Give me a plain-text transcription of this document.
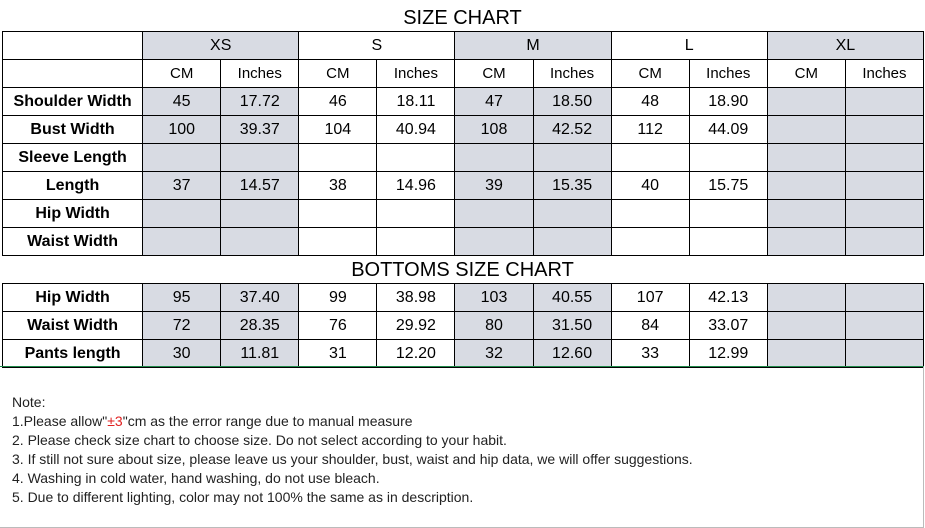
SIZE CHART
	XS		S		M		L		XL	
	CM	Inches	CM	Inches	CM	Inches	CM	Inches	CM	Inches
Shoulder Width	45	17.72	46	18.11	47	18.50	48	18.90		
Bust Width	100	39.37	104	40.94	108	42.52	112	44.09		
Sleeve Length										
Length	37	14.57	38	14.96	39	15.35	40	15.75		
Hip Width										
Waist Width										
BOTTOMS SIZE CHART
Hip Width	95	37.40	99	38.98	103	40.55	107	42.13		
Waist Width	72	28.35	76	29.92	80	31.50	84	33.07		
Pants length	30	11.81	31	12.20	32	12.60	33	12.99		
Note:
1.Please allow"±3"cm as the error range due to manual measure
2. Please check size chart to choose size. Do not select according to your habit.
3. If still not sure about size, please leave us your shoulder, bust, waist and hip data, we will offer suggestions.
4. Washing in cold water, hand washing, do not use bleach.
5. Due to different lighting, color may not 100% the same as in description.
